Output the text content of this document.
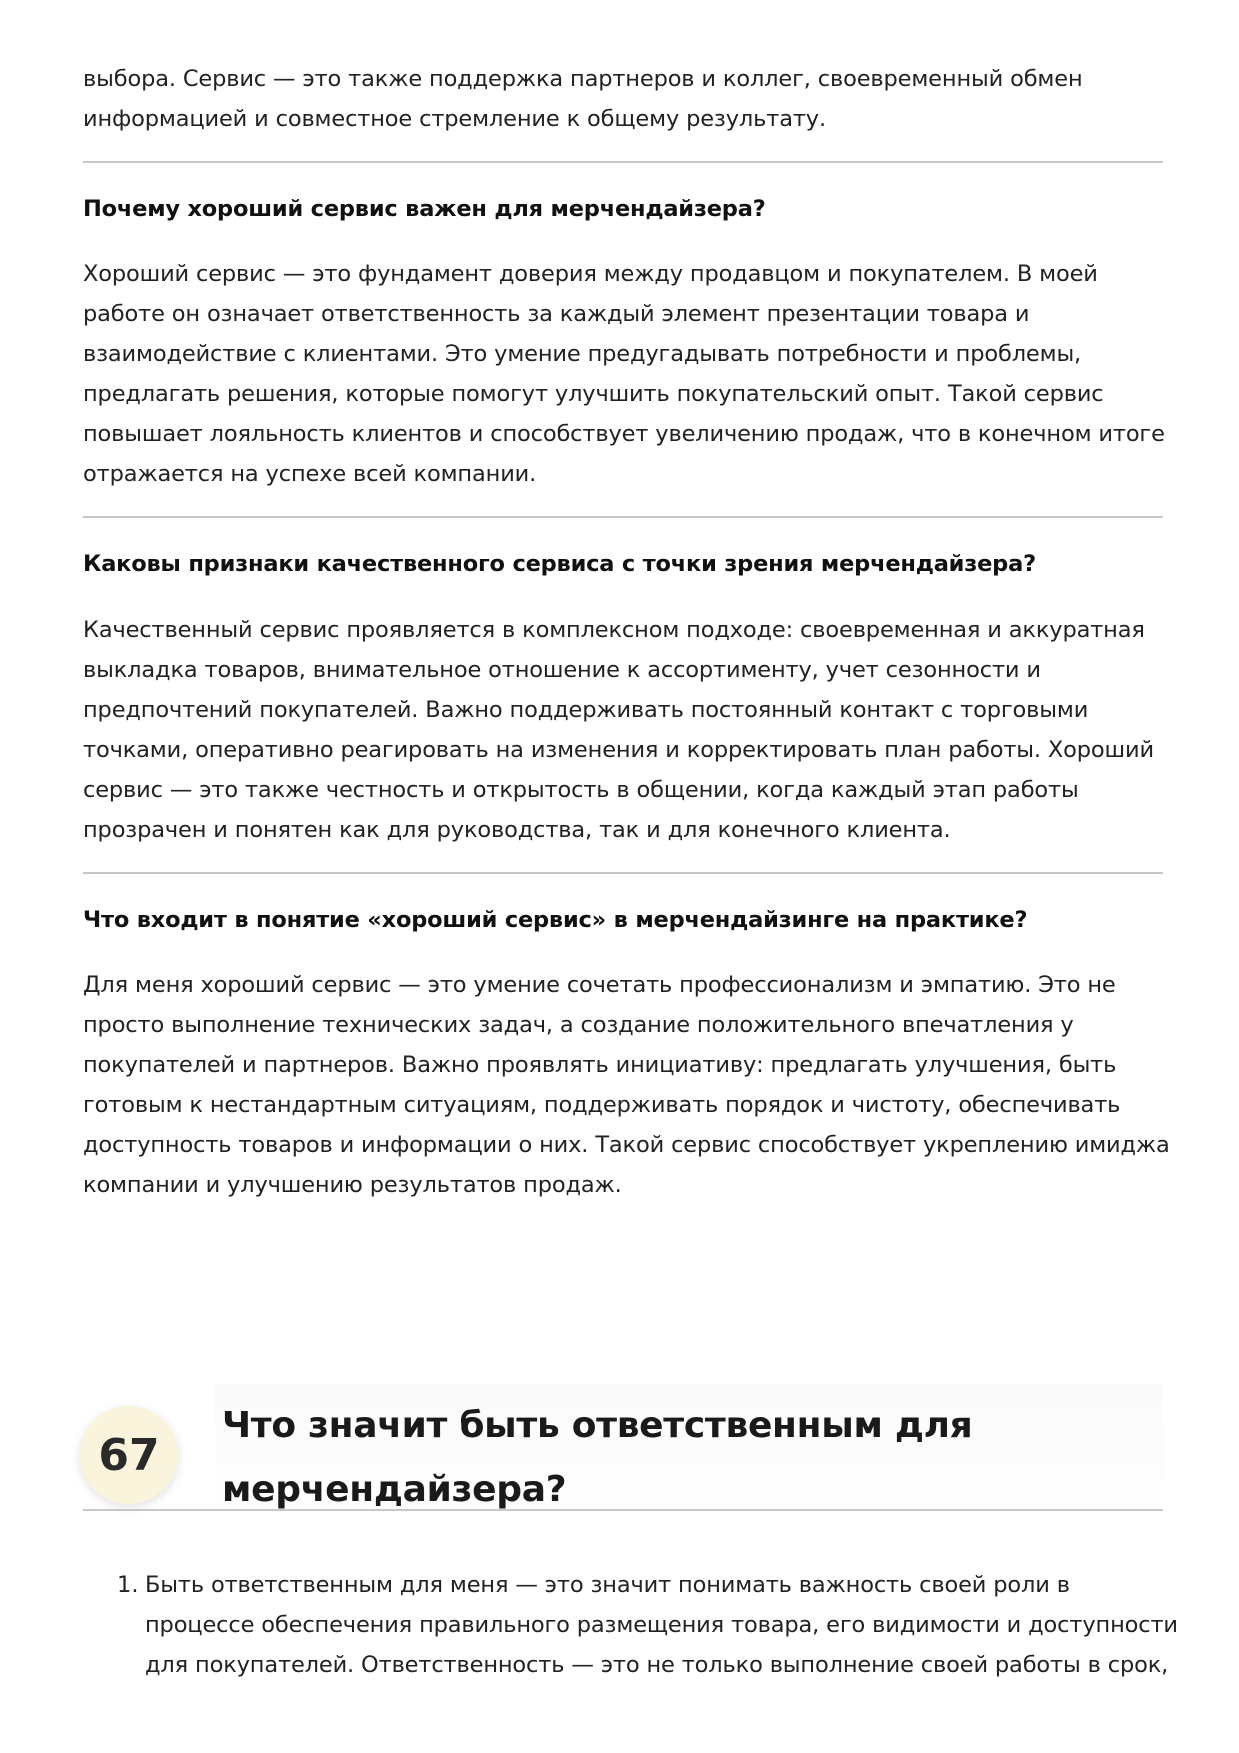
выбора. Сервис — это также поддержка партнеров и коллег, своевременный обмен
информацией и совместное стремление к общему результату.

Почему хороший сервис важен для мерчендайзера?

Хороший сервис — это фундамент доверия между продавцом и покупателем. В моей
работе он означает ответственность за каждый элемент презентации товара и
взаимодействие с клиентами. Это умение предугадывать потребности и проблемы,
предлагать решения, которые помогут улучшить покупательский опыт. Такой сервис
повышает лояльность клиентов и способствует увеличению продаж, что в конечном итоге
отражается на успехе всей компании.

Каковы признаки качественного сервиса с точки зрения мерчендайзера?

Качественный сервис проявляется в комплексном подходе: своевременная и аккуратная
выкладка товаров, внимательное отношение к ассортименту, учет сезонности и
предпочтений покупателей. Важно поддерживать постоянный контакт с торговыми
точками, оперативно реагировать на изменения и корректировать план работы. Хороший
сервис — это также честность и открытость в общении, когда каждый этап работы
прозрачен и понятен как для руководства, так и для конечного клиента.

Что входит в понятие «хороший сервис» в мерчендайзинге на практике?

Для меня хороший сервис — это умение сочетать профессионализм и эмпатию. Это не
просто выполнение технических задач, а создание положительного впечатления у
покупателей и партнеров. Важно проявлять инициативу: предлагать улучшения, быть
готовым к нестандартным ситуациям, поддерживать порядок и чистоту, обеспечивать
доступность товаров и информации о них. Такой сервис способствует укреплению имиджа
компании и улучшению результатов продаж.

67
Что значит быть ответственным для
мерчендайзера?
1. Быть ответственным для меня — это значит понимать важность своей роли в
процессе обеспечения правильного размещения товара, его видимости и доступности
для покупателей. Ответственность — это не только выполнение своей работы в срок,
